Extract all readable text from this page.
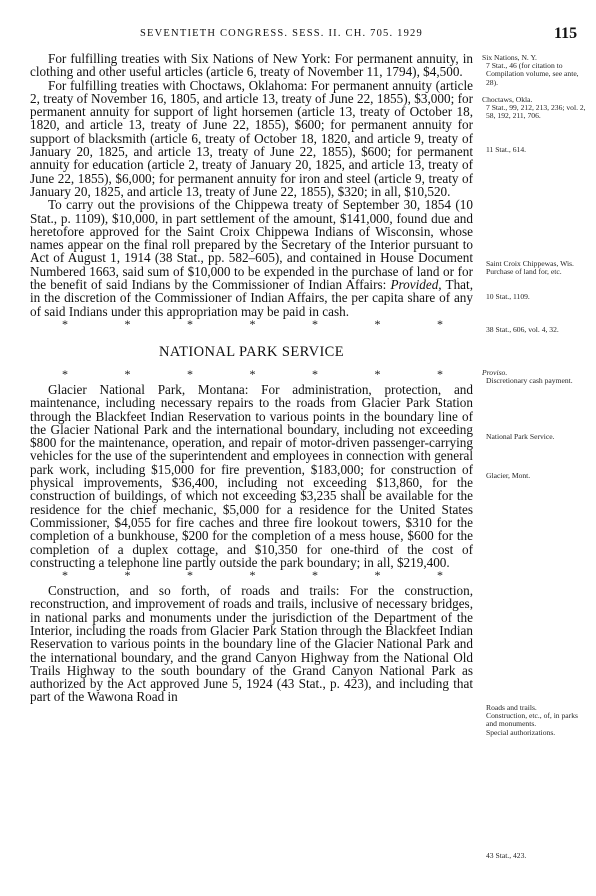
SEVENTIETH CONGRESS. SESS. II. CH. 705. 1929	115

For fulfilling treaties with Six Nations of New York: For permanent annuity, in clothing and other useful articles (article 6, treaty of November 11, 1794), $4,500.

For fulfilling treaties with Choctaws, Oklahoma: For permanent annuity (article 2, treaty of November 16, 1805, and article 13, treaty of June 22, 1855), $3,000; for permanent annuity for support of light horsemen (article 13, treaty of October 18, 1820, and article 13, treaty of June 22, 1855), $600; for permanent annuity for support of blacksmith (article 6, treaty of October 18, 1820, and article 9, treaty of January 20, 1825, and article 13, treaty of June 22, 1855), $600; for permanent annuity for education (article 2, treaty of January 20, 1825, and article 13, treaty of June 22, 1855), $6,000; for permanent annuity for iron and steel (article 9, treaty of January 20, 1825, and article 13, treaty of June 22, 1855), $320; in all, $10,520.

To carry out the provisions of the Chippewa treaty of September 30, 1854 (10 Stat., p. 1109), $10,000, in part settlement of the amount, $141,000, found due and heretofore approved for the Saint Croix Chippewa Indians of Wisconsin, whose names appear on the final roll prepared by the Secretary of the Interior pursuant to Act of August 1, 1914 (38 Stat., pp. 582–605), and contained in House Document Numbered 1663, said sum of $10,000 to be expended in the purchase of land or for the benefit of said Indians by the Commissioner of Indian Affairs: Provided, That, in the discretion of the Commissioner of Indian Affairs, the per capita share of any of said Indians under this appropriation may be paid in cash.

*	*	*	*	*	*	*
NATIONAL PARK SERVICE
*	*	*	*	*	*	*

Glacier National Park, Montana: For administration, protection, and maintenance, including necessary repairs to the roads from Glacier Park Station through the Blackfeet Indian Reservation to various points in the boundary line of the Glacier National Park and the international boundary, including not exceeding $800 for the maintenance, operation, and repair of motor-driven passenger-carrying vehicles for the use of the superintendent and employees in connection with general park work, including $15,000 for fire prevention, $183,000; for construction of physical improvements, $36,400, including not exceeding $13,860, for the construction of buildings, of which not exceeding $3,235 shall be available for the residence for the chief mechanic, $5,000 for a residence for the United States Commissioner, $4,055 for fire caches and three fire lookout towers, $310 for the completion of a bunkhouse, $200 for the completion of a mess house, $600 for the completion of a duplex cottage, and $10,350 for one-third of the cost of constructing a telephone line partly outside the park boundary; in all, $219,400.

*	*	*	*	*	*	*

Construction, and so forth, of roads and trails: For the construction, reconstruction, and improvement of roads and trails, inclusive of necessary bridges, in national parks and monuments under the jurisdiction of the Department of the Interior, including the roads from Glacier Park Station through the Blackfeet Indian Reservation to various points in the boundary line of the Glacier National Park and the international boundary, and the grand Canyon Highway from the National Old Trails Highway to the south boundary of the Grand Canyon National Park as authorized by the Act approved June 5, 1924 (43 Stat., p. 423), and including that part of the Wawona Road in

Six Nations, N. Y.
7 Stat., 46 (for citation to Compilation volume, see ante, 28).
Choctaws, Okla.
7 Stat., 99, 212, 213, 236; vol. 2, 58, 192, 211, 706.
11 Stat., 614.
Saint Croix Chippewas, Wis.
Purchase of land for, etc.
10 Stat., 1109.
38 Stat., 606, vol. 4, 32.
Proviso.
Discretionary cash payment.
National Park Service.
Glacier, Mont.
Roads and trails.
Construction, etc., of, in parks and monuments.
Special authorizations.
43 Stat., 423.
